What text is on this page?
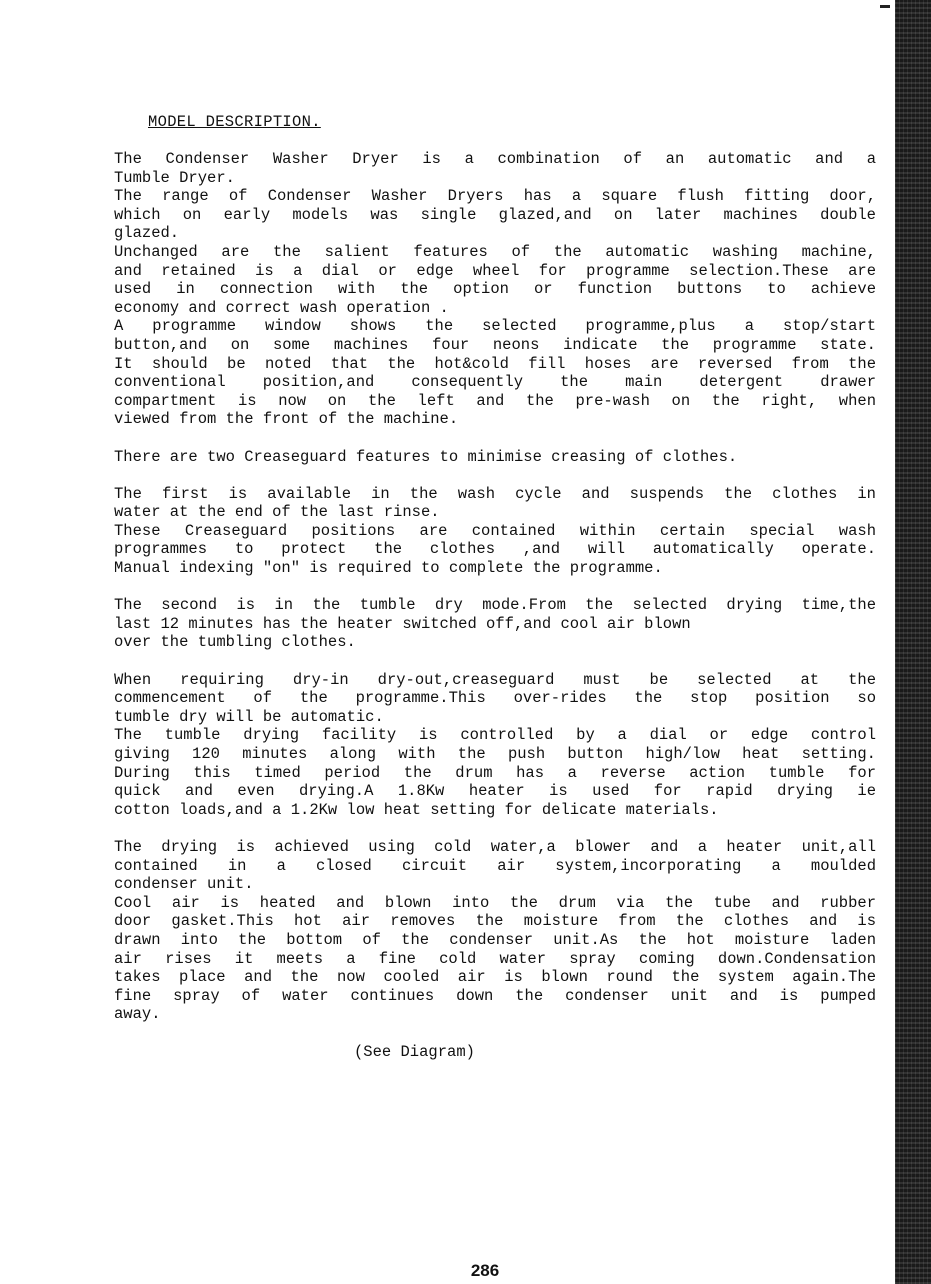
MODEL DESCRIPTION.
The Condenser Washer Dryer is a combination of an automatic and a
Tumble Dryer.
The range of Condenser Washer Dryers has a square flush fitting door,
which on early models was single glazed,and on later machines double
glazed.
Unchanged are the salient features of the automatic washing machine,
and retained is a dial or edge wheel for programme selection.These are
used in connection with the option or function buttons to achieve
economy and correct wash operation .
A programme window shows the selected programme,plus a stop/start
button,and on some machines four neons indicate the programme state.
It should be noted that the hot&cold fill hoses are reversed from the
conventional position,and consequently the main detergent drawer
compartment is now on the left and the pre-wash on the right, when
viewed from the front of the machine.
There are two Creaseguard features to minimise creasing of clothes.
The first is available in the wash cycle and suspends the clothes in
water at the end of the last rinse.
These Creaseguard positions are contained within certain special wash
programmes to protect the clothes ,and will automatically operate.
Manual indexing "on" is required to complete the programme.
The second is in the tumble dry mode.From the selected drying time,the
last 12 minutes has the heater switched off,and cool air blown
over the tumbling clothes.
When requiring dry-in dry-out,creaseguard must be selected at the
commencement of the programme.This over-rides the stop position so
tumble dry will be automatic.
The tumble drying facility is controlled by a dial or edge control
giving 120 minutes along with the push button high/low heat setting.
During this timed period the drum has a reverse action tumble for
quick and even drying.A 1.8Kw heater is used for rapid drying ie
cotton loads,and a 1.2Kw low heat setting for delicate materials.
The drying is achieved using cold water,a blower and a heater unit,all
contained in a closed circuit air system,incorporating a moulded
condenser unit.
Cool air is heated and blown into the drum via the tube and rubber
door gasket.This hot air removes the moisture from the clothes and is
drawn into the bottom of the condenser unit.As the hot moisture laden
air rises it meets a fine cold water spray coming down.Condensation
takes place and the now cooled air is blown round the system again.The
fine spray of water continues down the condenser unit and is pumped
away.
(See Diagram)
286
